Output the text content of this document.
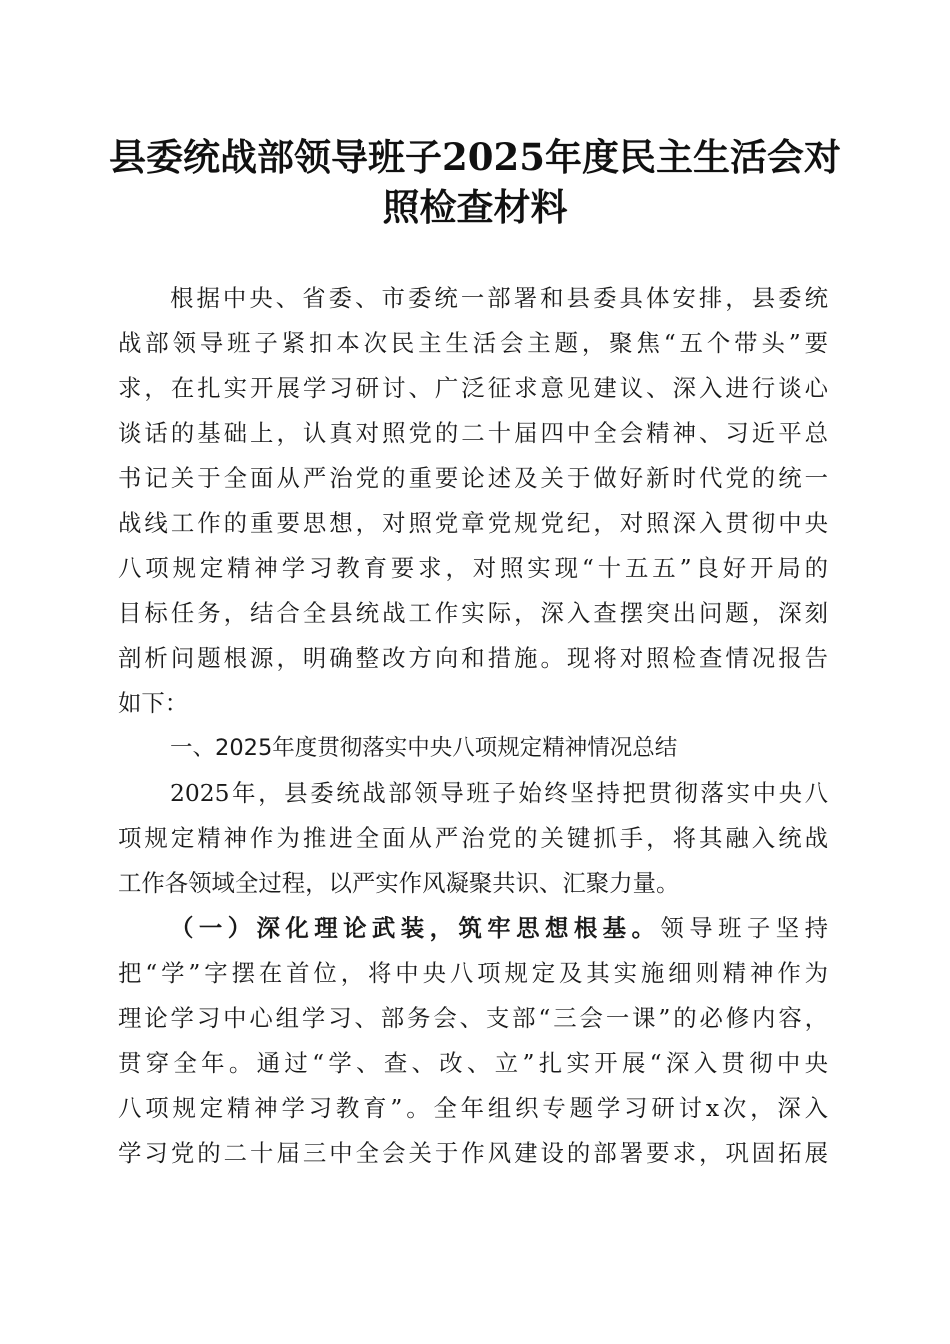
县委统战部领导班子2025年度民主生活会对
照检查材料
根据中央、省委、市委统一部署和县委具体安排，县委统
战部领导班子紧扣本次民主生活会主题，聚焦“五个带头”要
求，在扎实开展学习研讨、广泛征求意见建议、深入进行谈心
谈话的基础上，认真对照党的二十届四中全会精神、习近平总
书记关于全面从严治党的重要论述及关于做好新时代党的统一
战线工作的重要思想，对照党章党规党纪，对照深入贯彻中央
八项规定精神学习教育要求，对照实现“十五五”良好开局的
目标任务，结合全县统战工作实际，深入查摆突出问题，深刻
剖析问题根源，明确整改方向和措施。现将对照检查情况报告
如下：
一、2025年度贯彻落实中央八项规定精神情况总结
2025年，县委统战部领导班子始终坚持把贯彻落实中央八
项规定精神作为推进全面从严治党的关键抓手，将其融入统战
工作各领域全过程，以严实作风凝聚共识、汇聚力量。
（一）深化理论武装，筑牢思想根基。领导班子坚持
把“学”字摆在首位，将中央八项规定及其实施细则精神作为
理论学习中心组学习、部务会、支部“三会一课”的必修内容，
贯穿全年。通过“学、查、改、立”扎实开展“深入贯彻中央
八项规定精神学习教育”。全年组织专题学习研讨x次，深入
学习党的二十届三中全会关于作风建设的部署要求，巩固拓展
